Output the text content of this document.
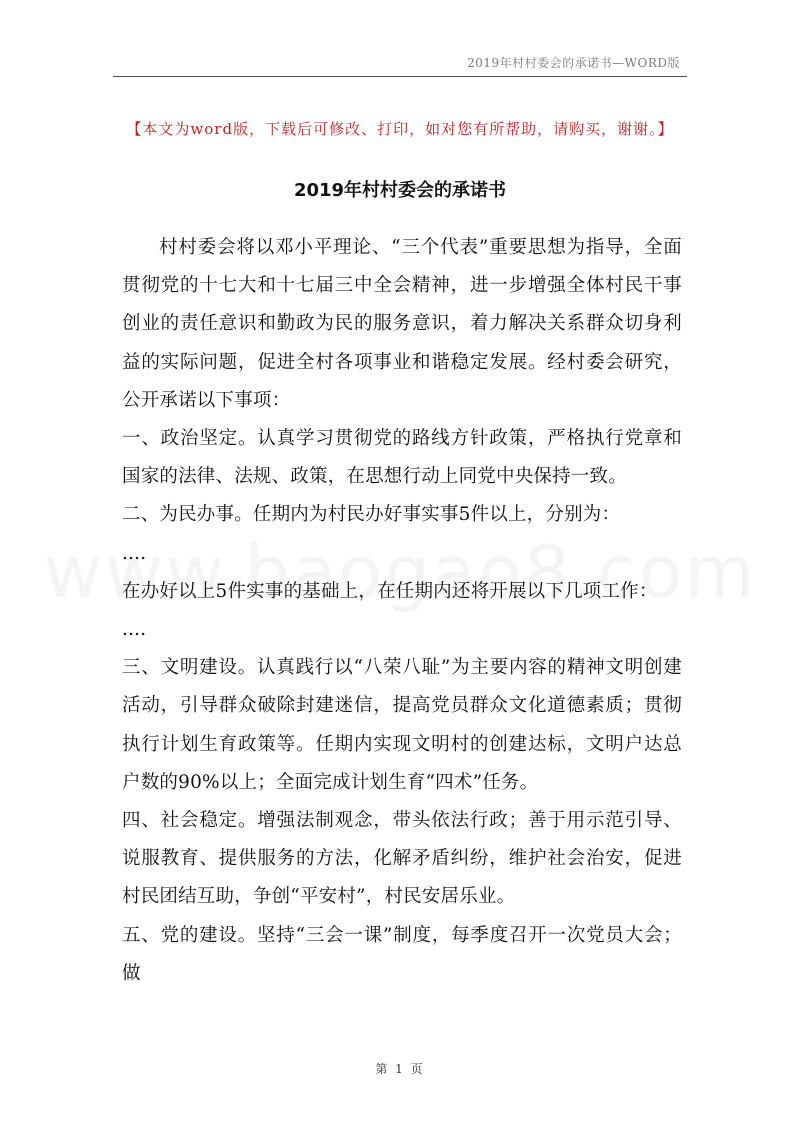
2019年村村委会的承诺书—WORD版
【本文为word版，下载后可修改、打印，如对您有所帮助，请购买，谢谢。】
2019年村村委会的承诺书

村村委会将以邓小平理论、“三个代表”重要思想为指导，全面贯彻党的十七大和十七届三中全会精神，进一步增强全体村民干事创业的责任意识和勤政为民的服务意识，着力解决关系群众切身利益的实际问题，促进全村各项事业和谐稳定发展。经村委会研究，公开承诺以下事项：

一、政治坚定。认真学习贯彻党的路线方针政策，严格执行党章和国家的法律、法规、政策，在思想行动上同党中央保持一致。

二、为民办事。任期内为村民办好事实事5件以上，分别为：

....

在办好以上5件实事的基础上，在任期内还将开展以下几项工作：

....

三、文明建设。认真践行以“八荣八耻”为主要内容的精神文明创建活动，引导群众破除封建迷信，提高党员群众文化道德素质；贯彻执行计划生育政策等。任期内实现文明村的创建达标，文明户达总户数的90%以上；全面完成计划生育“四术”任务。

四、社会稳定。增强法制观念，带头依法行政；善于用示范引导、说服教育、提供服务的方法，化解矛盾纠纷，维护社会治安，促进村民团结互助，争创“平安村”，村民安居乐业。

五、党的建设。坚持“三会一课”制度，每季度召开一次党员大会；做

第 1 页
